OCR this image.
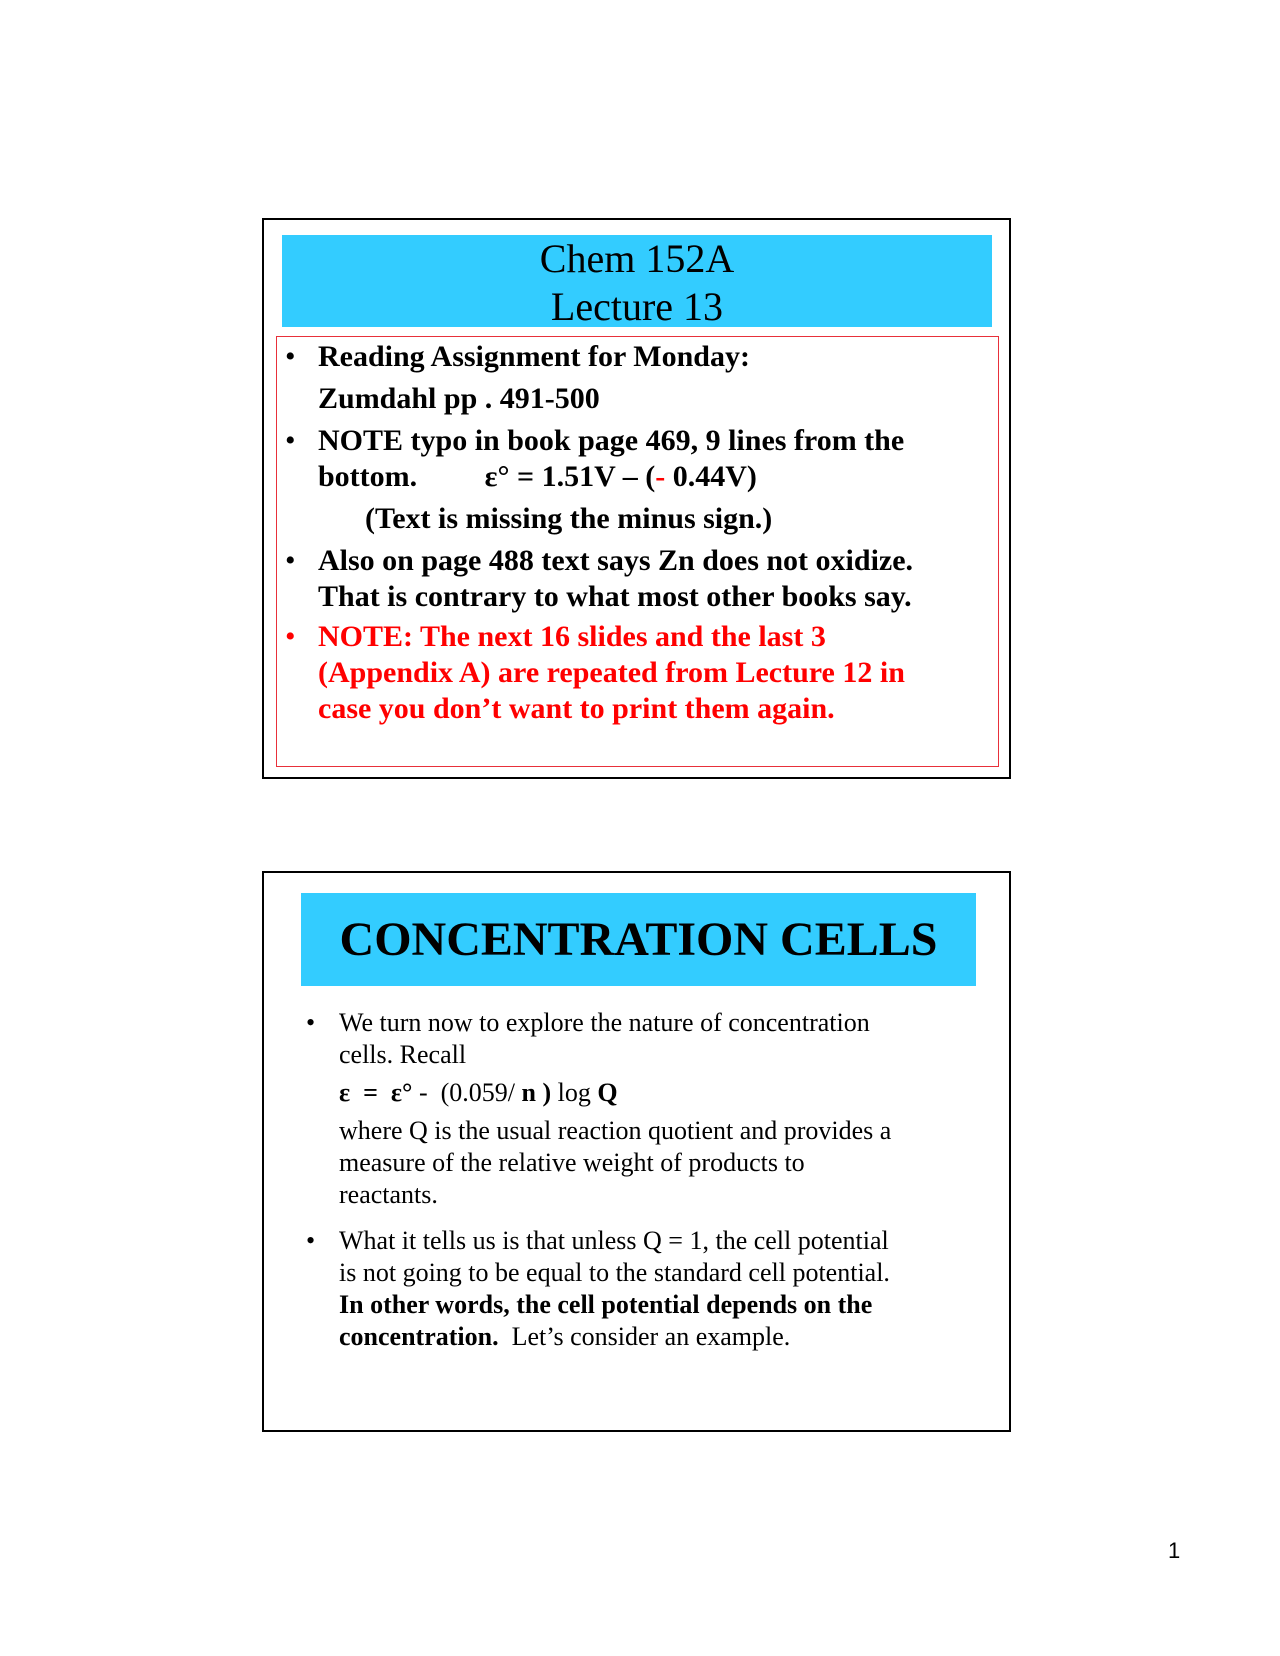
Chem 152A
Lecture 13
• Reading Assignment for Monday:
Zumdahl pp . 491-500
• NOTE typo in book page 469, 9 lines from the
bottom.         ε° = 1.51V – (- 0.44V)
(Text is missing the minus sign.)
• Also on page 488 text says Zn does not oxidize.
That is contrary to what most other books say.
• NOTE: The next 16 slides and the last 3
(Appendix A) are repeated from Lecture 12 in
case you don’t want to print them again.
CONCENTRATION CELLS
• We turn now to explore the nature of concentration
cells. Recall
ε  =  ε° -  (0.059/ n ) log Q
where Q is the usual reaction quotient and provides a
measure of the relative weight of products to
reactants.
• What it tells us is that unless Q = 1, the cell potential
is not going to be equal to the standard cell potential.
In other words, the cell potential depends on the
concentration.  Let’s consider an example.
1
